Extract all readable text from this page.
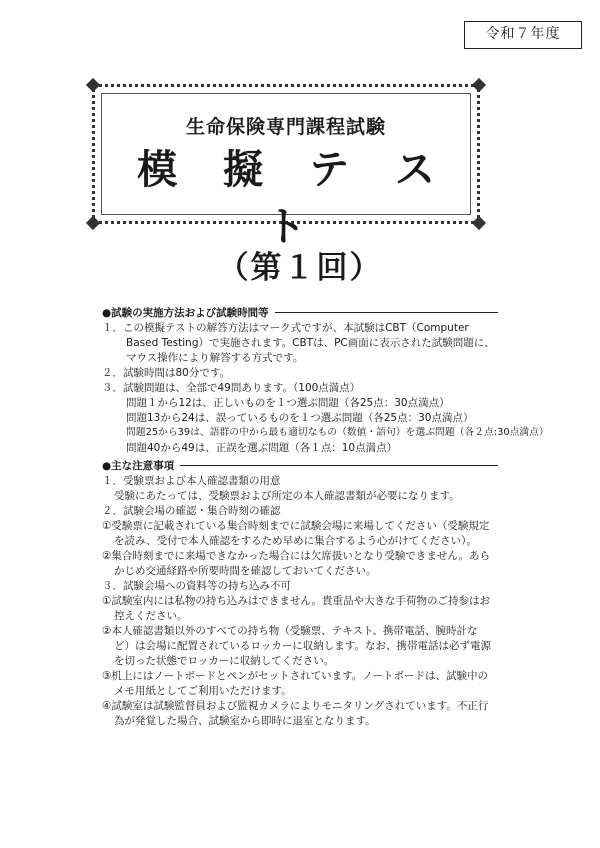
令和７年度
生命保険専門課程試験
模 擬 テ ス ト
（第１回）
●試験の実施方法および試験時間等
１．この模擬テストの解答方法はマーク式ですが、本試験はCBT（Computer
Based Testing）で実施されます。CBTは、PC画面に表示された試験問題に、
マウス操作により解答する方式です。
２．試験時間は80分です。
３．試験問題は、全部で49問あります。（100点満点）
問題１から12は、正しいものを１つ選ぶ問題（各25点：30点満点）
問題13から24は、誤っているものを１つ選ぶ問題（各25点：30点満点）
問題25から39は、語群の中から最も適切なもの（数値・語句）を選ぶ問題（各２点:30点満点）
問題40から49は、正誤を選ぶ問題（各１点：10点満点）
●主な注意事項
１．受験票および本人確認書類の用意
受験にあたっては、受験票および所定の本人確認書類が必要になります。
２．試験会場の確認・集合時刻の確認
①受験票に記載されている集合時刻までに試験会場に来場してください（受験規定
を読み、受付で本人確認をするため早めに集合するよう心がけてください）。
②集合時刻までに来場できなかった場合には欠席扱いとなり受験できません。あら
かじめ交通経路や所要時間を確認しておいてください。
３．試験会場への資料等の持ち込み不可
①試験室内には私物の持ち込みはできません。貴重品や大きな手荷物のご持参はお
控えください。
②本人確認書類以外のすべての持ち物（受験票、テキスト、携帯電話、腕時計な
ど）は会場に配置されているロッカーに収納します。なお、携帯電話は必ず電源
を切った状態でロッカーに収納してください。
③机上にはノートボードとペンがセットされています。ノートボードは、試験中の
メモ用紙としてご利用いただけます。
④試験室は試験監督員および監視カメラによりモニタリングされています。不正行
為が発覚した場合、試験室から即時に退室となります。
